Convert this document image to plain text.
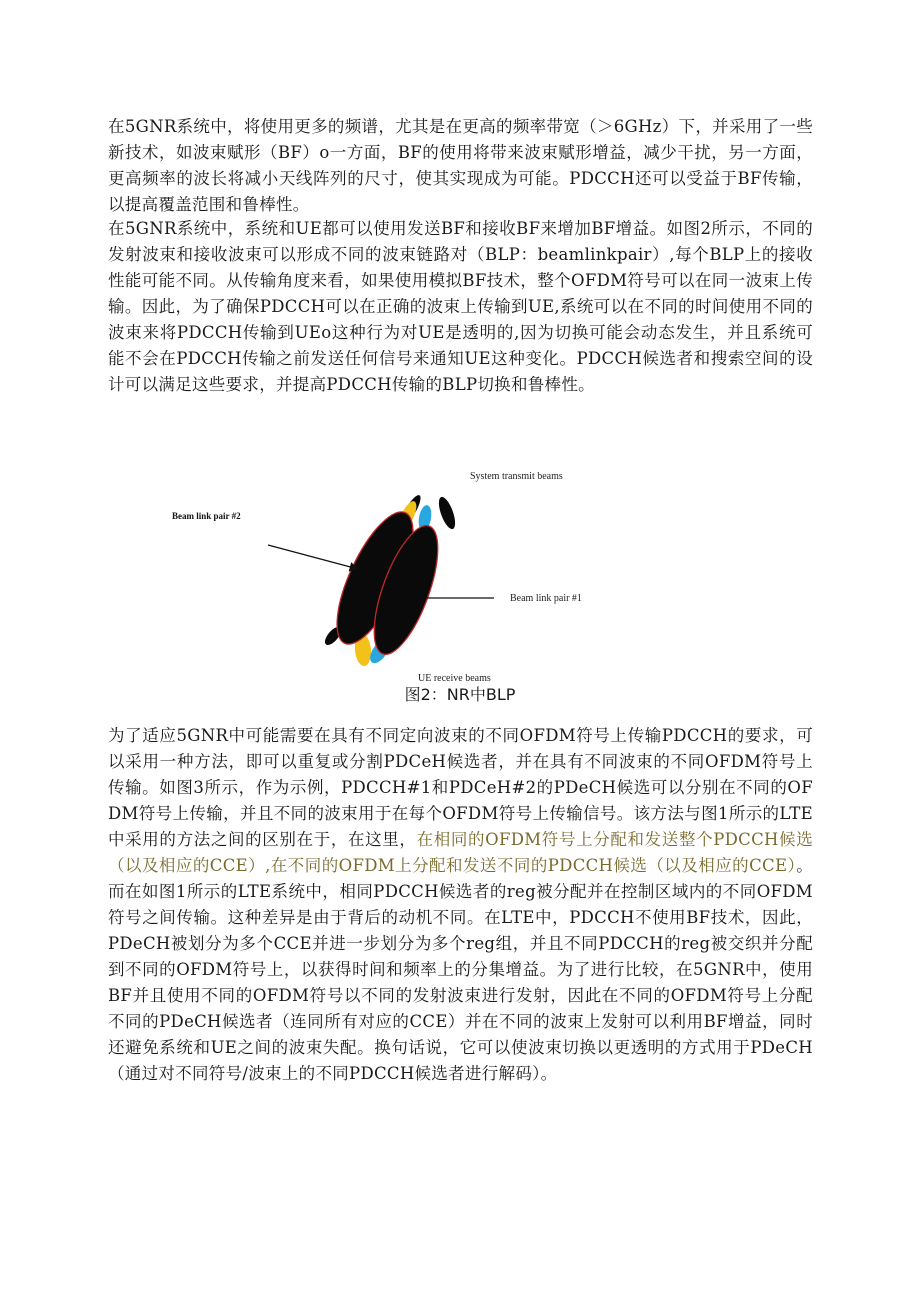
在5GNR系统中，将使用更多的频谱，尤其是在更高的频率带宽（＞6GHz）下，并采用了一些新技术，如波束赋形（BF）o一方面，BF的使用将带来波束赋形增益，减少干扰，另一方面，更高频率的波长将减小天线阵列的尺寸，使其实现成为可能。PDCCH还可以受益于BF传输，以提高覆盖范围和鲁棒性。

在5GNR系统中，系统和UE都可以使用发送BF和接收BF来增加BF增益。如图2所示，不同的发射波束和接收波束可以形成不同的波束链路对（BLP：beamlinkpair）,每个BLP上的接收性能可能不同。从传输角度来看，如果使用模拟BF技术，整个OFDM符号可以在同一波束上传输。因此，为了确保PDCCH可以在正确的波束上传输到UE,系统可以在不同的时间使用不同的波束来将PDCCH传输到UEo这种行为对UE是透明的,因为切换可能会动态发生，并且系统可能不会在PDCCH传输之前发送任何信号来通知UE这种变化。PDCCH候选者和搜索空间的设计可以满足这些要求，并提高PDCCH传输的BLP切换和鲁棒性。

System transmit beams
Beam link pair #2
Beam link pair #1
UE receive beams
图2：NR中BLP

为了适应5GNR中可能需要在具有不同定向波束的不同OFDM符号上传输PDCCH的要求，可以采用一种方法，即可以重复或分割PDCeH候选者，并在具有不同波束的不同OFDM符号上传输。如图3所示，作为示例，PDCCH#1和PDCeH#2的PDeCH候选可以分别在不同的OFDM符号上传输，并且不同的波束用于在每个OFDM符号上传输信号。该方法与图1所示的LTE中采用的方法之间的区别在于，在这里，在相同的OFDM符号上分配和发送整个PDCCH候选（以及相应的CCE）,在不同的OFDM上分配和发送不同的PDCCH候选（以及相应的CCE）。而在如图1所示的LTE系统中，相同PDCCH候选者的reg被分配并在控制区域内的不同OFDM符号之间传输。这种差异是由于背后的动机不同。在LTE中，PDCCH不使用BF技术，因此，PDeCH被划分为多个CCE并进一步划分为多个reg组，并且不同PDCCH的reg被交织并分配到不同的OFDM符号上，以获得时间和频率上的分集增益。为了进行比较，在5GNR中，使用BF并且使用不同的OFDM符号以不同的发射波束进行发射，因此在不同的OFDM符号上分配不同的PDeCH候选者（连同所有对应的CCE）并在不同的波束上发射可以利用BF增益，同时还避免系统和UE之间的波束失配。换句话说，它可以使波束切换以更透明的方式用于PDeCH（通过对不同符号/波束上的不同PDCCH候选者进行解码）。
